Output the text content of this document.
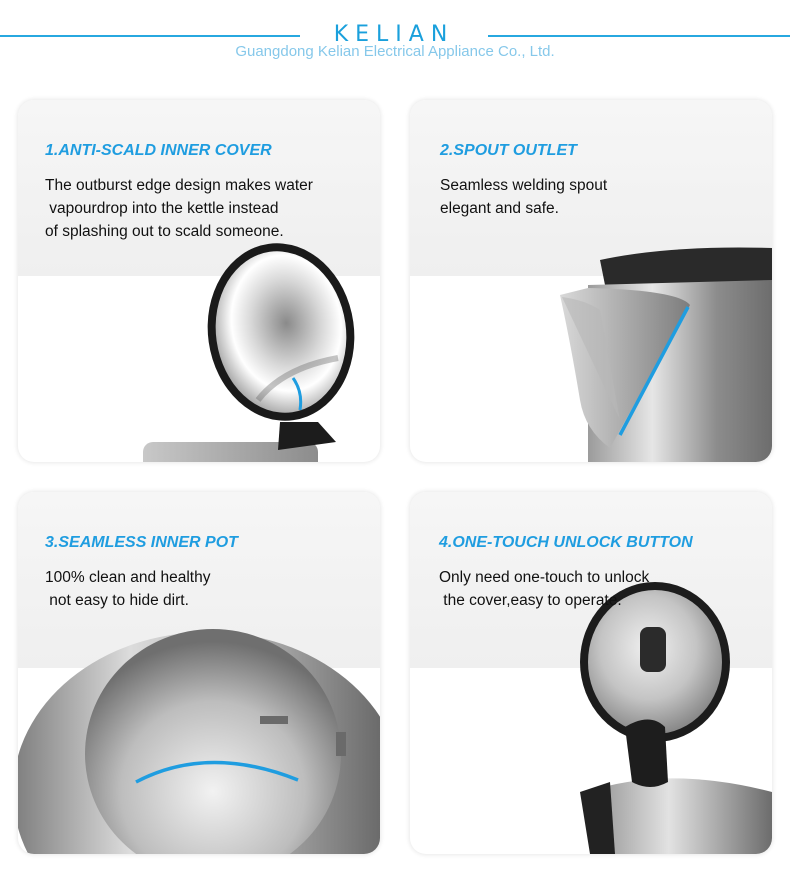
KELIAN
Guangdong Kelian Electrical Appliance Co., Ltd.
1.ANTI-SCALD INNER COVER
The outburst edge design makes water
vapourdrop into the kettle instead
of splashing out to scald someone.
2.SPOUT OUTLET
Seamless welding spout
elegant and safe.
3.SEAMLESS INNER POT
100% clean and healthy
not easy to hide dirt.
4.ONE-TOUCH UNLOCK BUTTON
Only need one-touch to unlock
the cover,easy to operate.
